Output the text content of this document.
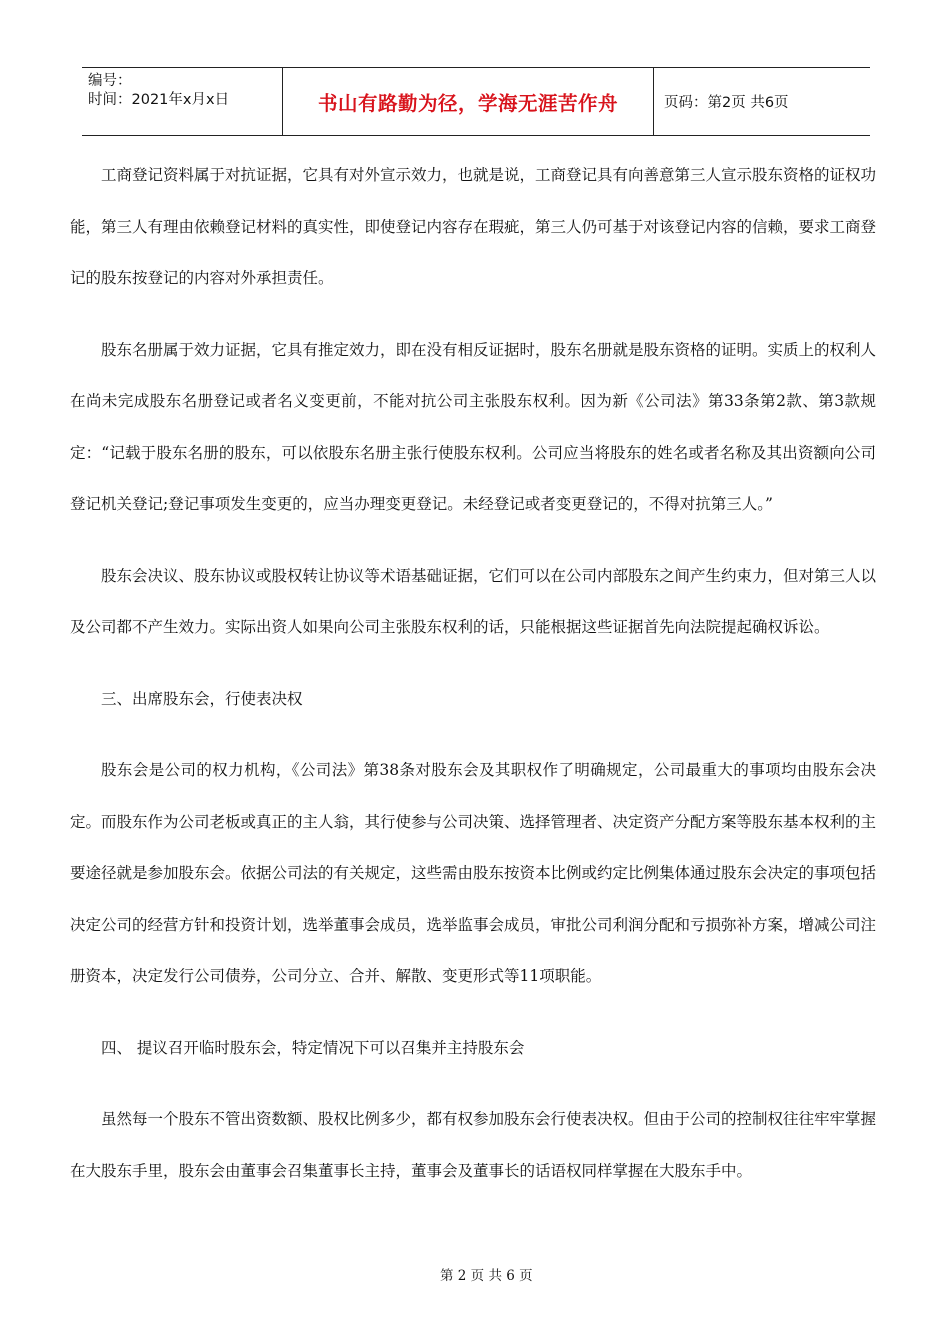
编号：
时间：2021年x月x日	书山有路勤为径，学海无涯苦作舟	页码：第2页 共6页

工商登记资料属于对抗证据，它具有对外宣示效力，也就是说，工商登记具有向善意第三人宣示股东资格的证权功能，第三人有理由依赖登记材料的真实性，即使登记内容存在瑕疵，第三人仍可基于对该登记内容的信赖，要求工商登记的股东按登记的内容对外承担责任。

股东名册属于效力证据，它具有推定效力，即在没有相反证据时，股东名册就是股东资格的证明。实质上的权利人在尚未完成股东名册登记或者名义变更前，不能对抗公司主张股东权利。因为新《公司法》第33条第2款、第3款规定：“记载于股东名册的股东，可以依股东名册主张行使股东权利。公司应当将股东的姓名或者名称及其出资额向公司登记机关登记;登记事项发生变更的，应当办理变更登记。未经登记或者变更登记的，不得对抗第三人。”

股东会决议、股东协议或股权转让协议等术语基础证据，它们可以在公司内部股东之间产生约束力，但对第三人以及公司都不产生效力。实际出资人如果向公司主张股东权利的话，只能根据这些证据首先向法院提起确权诉讼。

三、出席股东会，行使表决权

股东会是公司的权力机构，《公司法》第38条对股东会及其职权作了明确规定，公司最重大的事项均由股东会决定。而股东作为公司老板或真正的主人翁，其行使参与公司决策、选择管理者、决定资产分配方案等股东基本权利的主要途径就是参加股东会。依据公司法的有关规定，这些需由股东按资本比例或约定比例集体通过股东会决定的事项包括决定公司的经营方针和投资计划，选举董事会成员，选举监事会成员，审批公司利润分配和亏损弥补方案，增减公司注册资本，决定发行公司债券，公司分立、合并、解散、变更形式等11项职能。

四、 提议召开临时股东会，特定情况下可以召集并主持股东会

虽然每一个股东不管出资数额、股权比例多少，都有权参加股东会行使表决权。但由于公司的控制权往往牢牢掌握在大股东手里，股东会由董事会召集董事长主持，董事会及董事长的话语权同样掌握在大股东手中。

第 2 页 共 6 页
